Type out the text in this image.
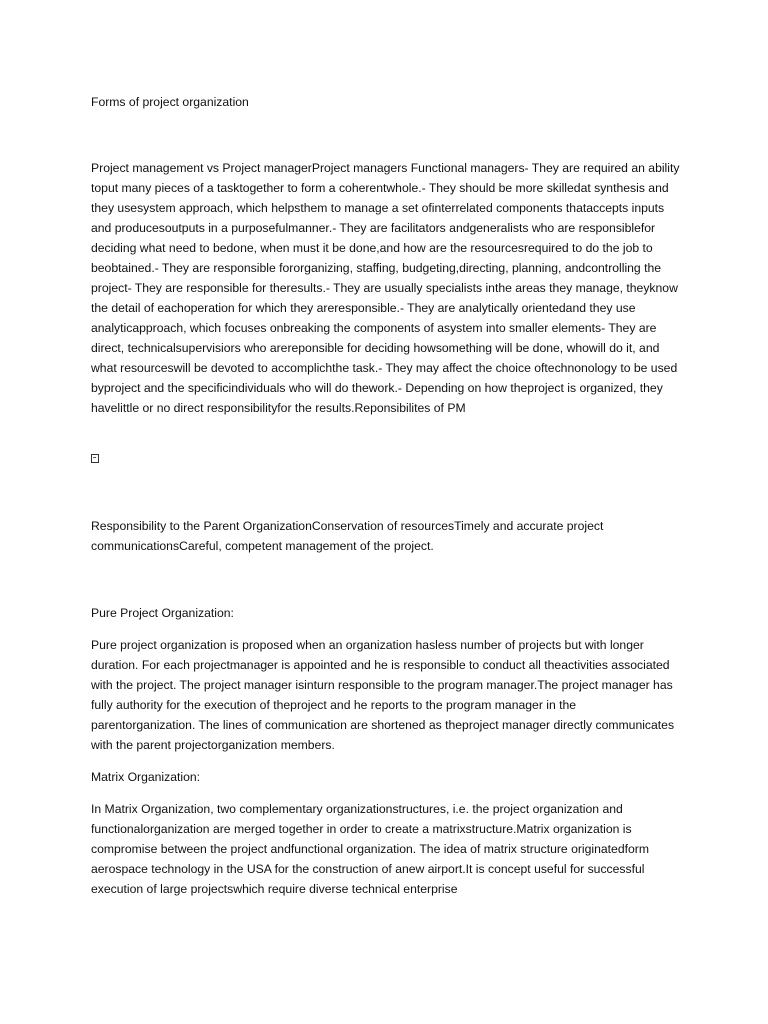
Forms of project organization

Project management vs Project managerProject managers Functional managers- They are required an ability toput many pieces of a tasktogether to form a coherentwhole.- They should be more skilledat synthesis and they usesystem approach, which helpsthem to manage a set ofinterrelated components thataccepts inputs and producesoutputs in a purposefulmanner.- They are facilitators andgeneralists who are responsiblefor deciding what need to bedone, when must it be done,and how are the resourcesrequired to do the job to beobtained.- They are responsible fororganizing, staffing, budgeting,directing, planning, andcontrolling the project- They are responsible for theresults.- They are usually specialists inthe areas they manage, theyknow the detail of eachoperation for which they areresponsible.- They are analytically orientedand they use analyticapproach, which focuses onbreaking the components of asystem into smaller elements- They are direct, technicalsupervisiors who arereponsible for deciding howsomething will be done, whowill do it, and what resourceswill be devoted to accomplichthe task.- They may affect the choice oftechnonology to be used byproject and the specificindividuals who will do thework.- Depending on how theproject is organized, they havelittle or no direct responsibilityfor the results.Reponsibilites of PM

Responsibility to the Parent OrganizationConservation of resourcesTimely and accurate project communicationsCareful, competent management of the project.

Pure Project Organization:

Pure project organization is proposed when an organization hasless number of projects but with longer duration. For each projectmanager is appointed and he is responsible to conduct all theactivities associated with the project. The project manager isinturn responsible to the program manager.The project manager has fully authority for the execution of theproject and he reports to the program manager in the parentorganization. The lines of communication are shortened as theproject manager directly communicates with the parent projectorganization members.

Matrix Organization:

In Matrix Organization, two complementary organizationstructures, i.e. the project organization and functionalorganization are merged together in order to create a matrixstructure.Matrix organization is compromise between the project andfunctional organization. The idea of matrix structure originatedform aerospace technology in the USA for the construction of anew airport.It is concept useful for successful execution of large projectswhich require diverse technical enterprise
